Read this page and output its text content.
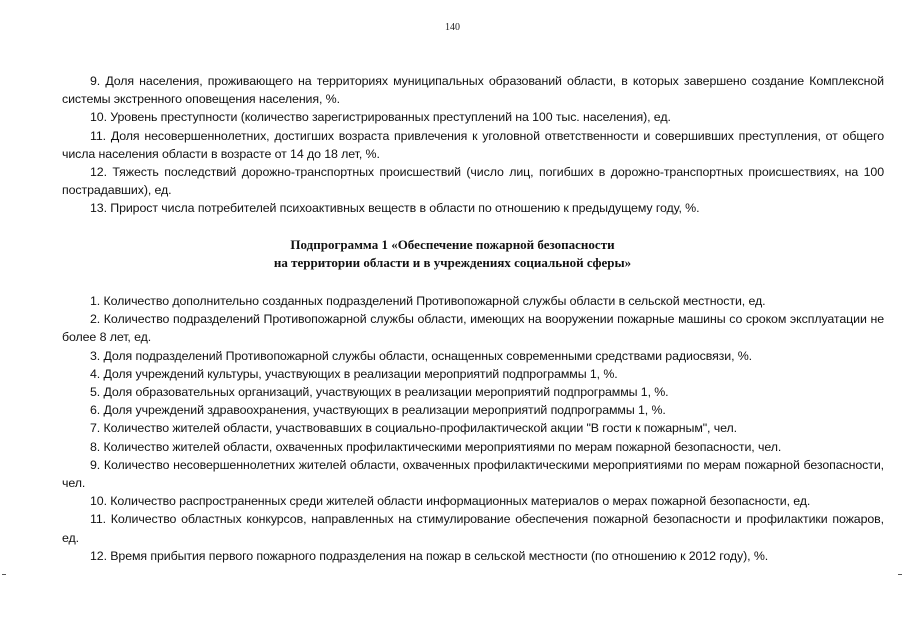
140

9. Доля населения, проживающего на территориях муниципальных образований области, в которых завершено создание Комплексной системы экстренного оповещения населения, %.

10. Уровень преступности (количество зарегистрированных преступлений на 100 тыс. населения), ед.

11. Доля несовершеннолетних, достигших возраста привлечения к уголовной ответственности и совершивших преступления, от общего числа населения области в возрасте от 14 до 18 лет, %.

12. Тяжесть последствий дорожно-транспортных происшествий (число лиц, погибших в дорожно-транспортных происшествиях, на 100 пострадавших), ед.

13. Прирост числа потребителей психоактивных веществ в области по отношению к предыдущему году, %.

Подпрограмма 1 «Обеспечение пожарной безопасности
на территории области и в учреждениях социальной сферы»

1. Количество дополнительно созданных подразделений Противопожарной службы области в сельской местности, ед.

2. Количество подразделений Противопожарной службы области, имеющих на вооружении пожарные машины со сроком эксплуатации не более 8 лет, ед.

3. Доля подразделений Противопожарной службы области, оснащенных современными средствами радиосвязи, %.

4. Доля учреждений культуры, участвующих в реализации мероприятий подпрограммы 1, %.

5. Доля образовательных организаций, участвующих в реализации мероприятий подпрограммы 1, %.

6. Доля учреждений здравоохранения, участвующих в реализации мероприятий подпрограммы 1, %.

7. Количество жителей области, участвовавших в социально-профилактической акции "В гости к пожарным", чел.

8. Количество жителей области, охваченных профилактическими мероприятиями по мерам пожарной безопасности, чел.

9. Количество несовершеннолетних жителей области, охваченных профилактическими мероприятиями по мерам пожарной безопасности, чел.

10. Количество распространенных среди жителей области информационных материалов о мерах пожарной безопасности, ед.

11. Количество областных конкурсов, направленных на стимулирование обеспечения пожарной безопасности и профилактики пожаров, ед.

12. Время прибытия первого пожарного подразделения на пожар в сельской местности (по отношению к 2012 году), %.
